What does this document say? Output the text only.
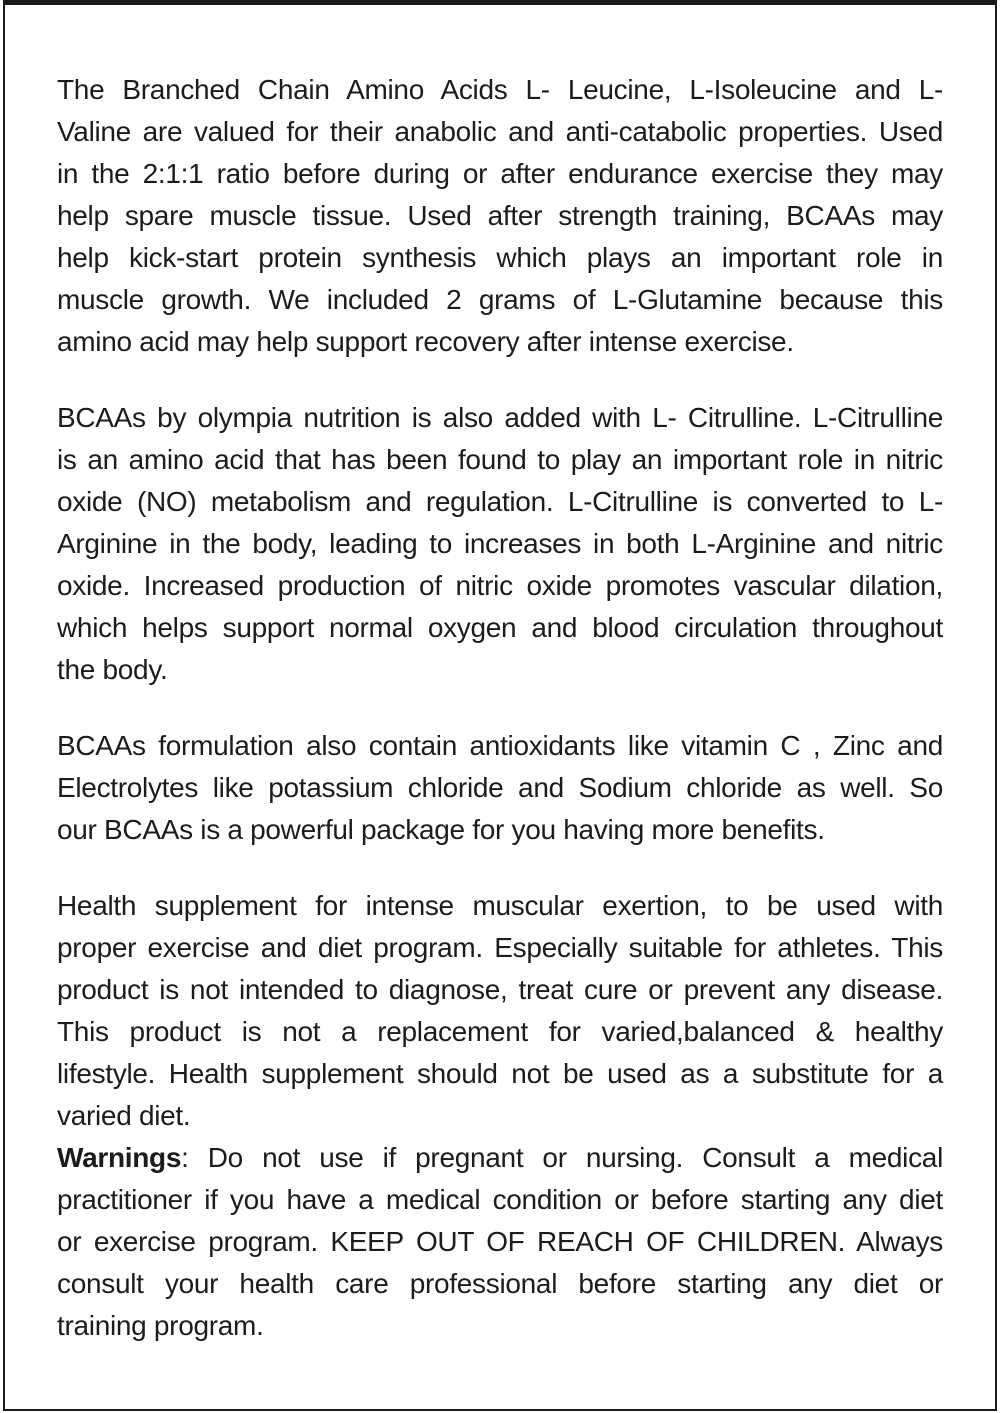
The Branched Chain Amino Acids L- Leucine, L-Isoleucine and L-
Valine are valued for their anabolic and anti-catabolic properties. Used
in the 2:1:1 ratio before during or after endurance exercise they may
help spare muscle tissue. Used after strength training, BCAAs may
help kick-start protein synthesis which plays an important role in
muscle growth. We included 2 grams of L-Glutamine because this
amino acid may help support recovery after intense exercise.
BCAAs by olympia nutrition is also added with L- Citrulline. L-Citrulline
is an amino acid that has been found to play an important role in nitric
oxide (NO) metabolism and regulation. L-Citrulline is converted to L-
Arginine in the body, leading to increases in both L-Arginine and nitric
oxide. Increased production of nitric oxide promotes vascular dilation,
which helps support normal oxygen and blood circulation throughout
the body.
BCAAs formulation also contain antioxidants like vitamin C , Zinc and
Electrolytes like potassium chloride and Sodium chloride as well. So
our BCAAs is a powerful package for you having more benefits.
Health supplement for intense muscular exertion, to be used with
proper exercise and diet program. Especially suitable for athletes. This
product is not intended to diagnose, treat cure or prevent any disease.
This product is not a replacement for varied,balanced & healthy
lifestyle. Health supplement should not be used as a substitute for a
varied diet.
Warnings: Do not use if pregnant or nursing. Consult a medical
practitioner if you have a medical condition or before starting any diet
or exercise program. KEEP OUT OF REACH OF CHILDREN. Always
consult your health care professional before starting any diet or
training program.
